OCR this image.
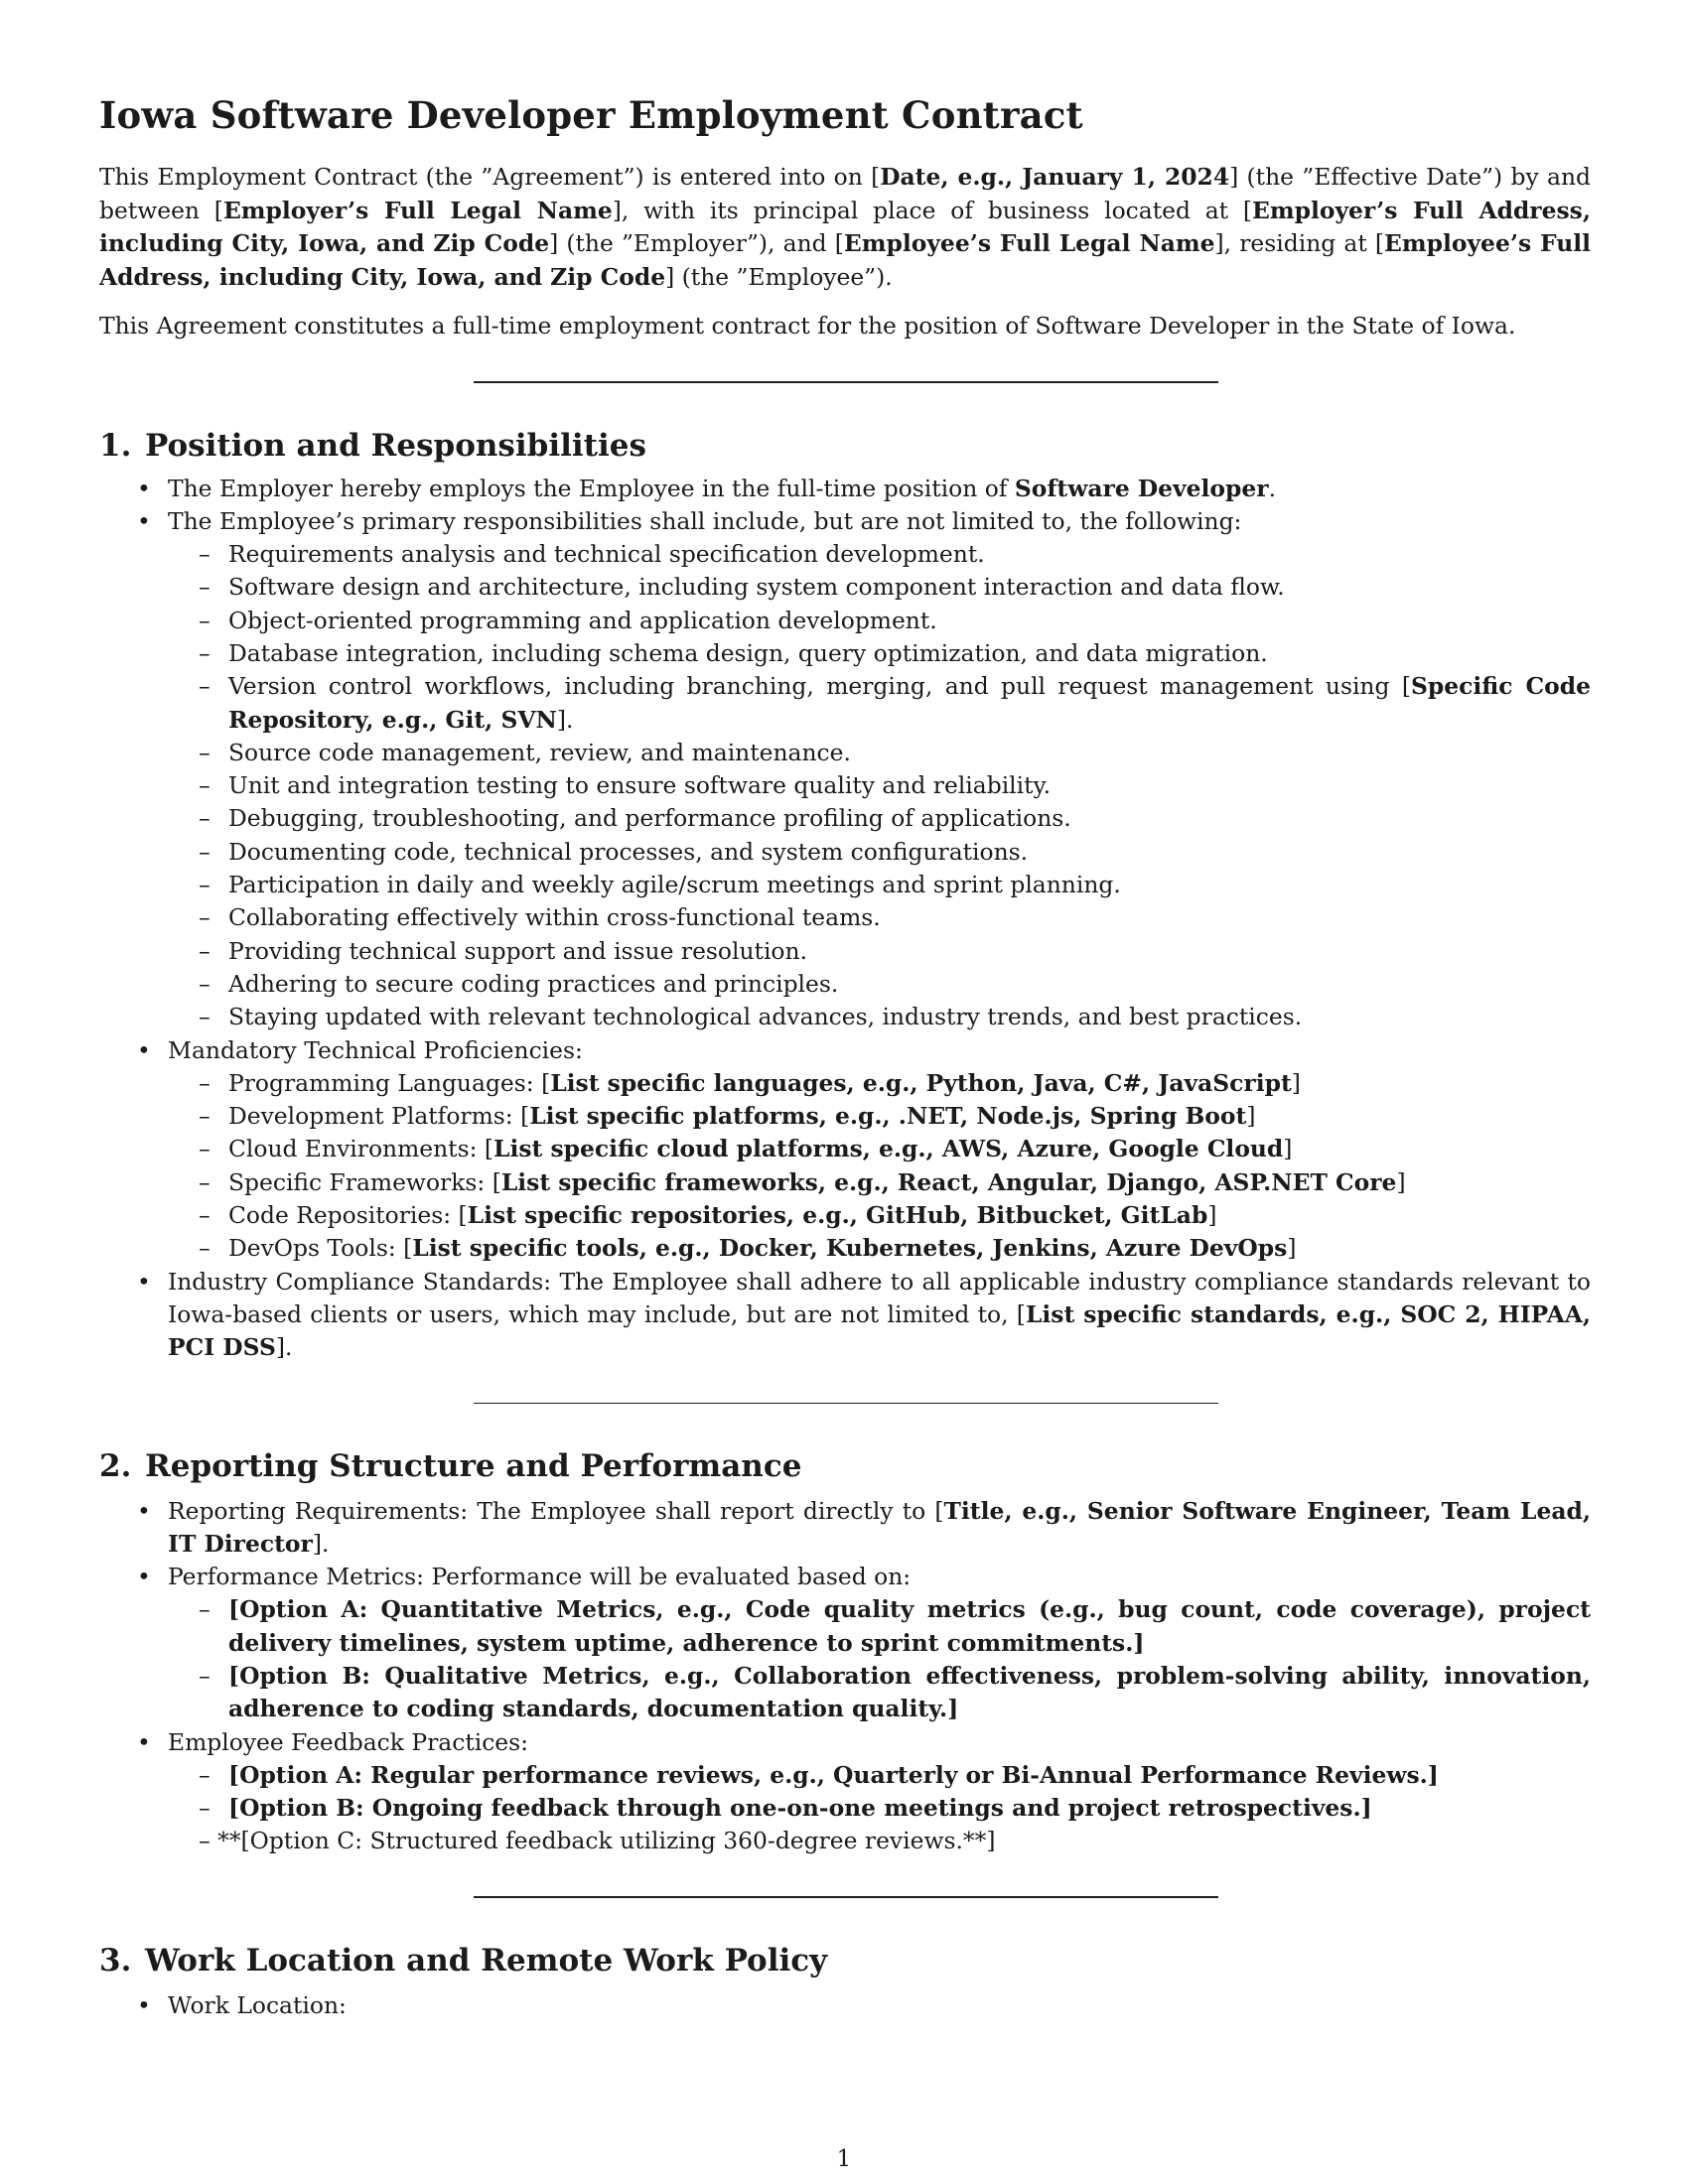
Iowa Software Developer Employment Contract

This Employment Contract (the ”Agreement”) is entered into on [Date, e.g., January 1, 2024] (the ”Effective Date”) by and between [Employer’s Full Legal Name], with its principal place of business located at [Employer’s Full Address, including City, Iowa, and Zip Code] (the ”Employer”), and [Employee’s Full Legal Name], residing at [Employee’s Full Address, including City, Iowa, and Zip Code] (the ”Employee”).

This Agreement constitutes a full-time employment contract for the position of Software Developer in the State of Iowa.

1. Position and Responsibilities
• The Employer hereby employs the Employee in the full-time position of Software Developer.
• The Employee’s primary responsibilities shall include, but are not limited to, the following:
– Requirements analysis and technical specification development.
– Software design and architecture, including system component interaction and data flow.
– Object-oriented programming and application development.
– Database integration, including schema design, query optimization, and data migration.
– Version control workflows, including branching, merging, and pull request management using [Specific Code Repository, e.g., Git, SVN].
– Source code management, review, and maintenance.
– Unit and integration testing to ensure software quality and reliability.
– Debugging, troubleshooting, and performance profiling of applications.
– Documenting code, technical processes, and system configurations.
– Participation in daily and weekly agile/scrum meetings and sprint planning.
– Collaborating effectively within cross-functional teams.
– Providing technical support and issue resolution.
– Adhering to secure coding practices and principles.
– Staying updated with relevant technological advances, industry trends, and best practices.
• Mandatory Technical Proficiencies:
– Programming Languages: [List specific languages, e.g., Python, Java, C#, JavaScript]
– Development Platforms: [List specific platforms, e.g., .NET, Node.js, Spring Boot]
– Cloud Environments: [List specific cloud platforms, e.g., AWS, Azure, Google Cloud]
– Specific Frameworks: [List specific frameworks, e.g., React, Angular, Django, ASP.NET Core]
– Code Repositories: [List specific repositories, e.g., GitHub, Bitbucket, GitLab]
– DevOps Tools: [List specific tools, e.g., Docker, Kubernetes, Jenkins, Azure DevOps]
• Industry Compliance Standards: The Employee shall adhere to all applicable industry compliance standards relevant to Iowa-based clients or users, which may include, but are not limited to, [List specific standards, e.g., SOC 2, HIPAA, PCI DSS].
2. Reporting Structure and Performance
• Reporting Requirements: The Employee shall report directly to [Title, e.g., Senior Software Engineer, Team Lead, IT Director].
• Performance Metrics: Performance will be evaluated based on:
– [Option A: Quantitative Metrics, e.g., Code quality metrics (e.g., bug count, code coverage), project delivery timelines, system uptime, adherence to sprint commitments.]
– [Option B: Qualitative Metrics, e.g., Collaboration effectiveness, problem-solving ability, innovation, adherence to coding standards, documentation quality.]
• Employee Feedback Practices:
– [Option A: Regular performance reviews, e.g., Quarterly or Bi-Annual Performance Reviews.]
– [Option B: Ongoing feedback through one-on-one meetings and project retrospectives.]
– **[Option C: Structured feedback utilizing 360-degree reviews.**]
3. Work Location and Remote Work Policy
• Work Location:
1
